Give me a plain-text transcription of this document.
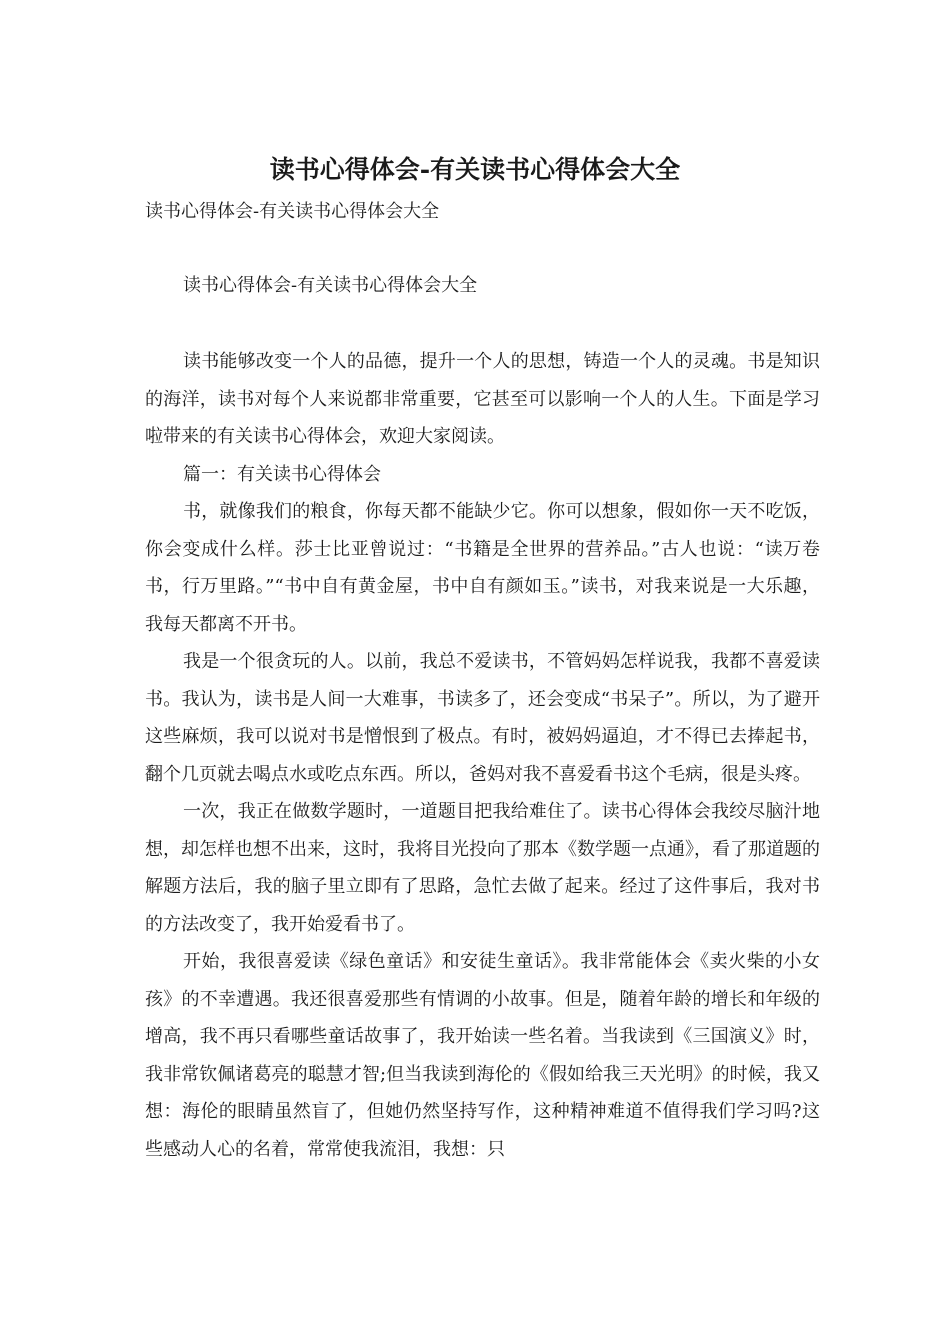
读书心得体会-有关读书心得体会大全
读书心得体会-有关读书心得体会大全
读书心得体会-有关读书心得体会大全

读书能够改变一个人的品德，提升一个人的思想，铸造一个人的灵魂。书是知识的海洋，读书对每个人来说都非常重要，它甚至可以影响一个人的人生。下面是学习啦带来的有关读书心得体会，欢迎大家阅读。

篇一：有关读书心得体会

书，就像我们的粮食，你每天都不能缺少它。你可以想象，假如你一天不吃饭，你会变成什么样。莎士比亚曾说过：“书籍是全世界的营养品。”古人也说：“读万卷书，行万里路。”“书中自有黄金屋，书中自有颜如玉。”读书，对我来说是一大乐趣，我每天都离不开书。

我是一个很贪玩的人。以前，我总不爱读书，不管妈妈怎样说我，我都不喜爱读书。我认为，读书是人间一大难事，书读多了，还会变成“书呆子”。所以，为了避开这些麻烦，我可以说对书是憎恨到了极点。有时，被妈妈逼迫，才不得已去捧起书，翻个几页就去喝点水或吃点东西。所以，爸妈对我不喜爱看书这个毛病，很是头疼。

一次，我正在做数学题时，一道题目把我给难住了。读书心得体会我绞尽脑汁地想，却怎样也想不出来，这时，我将目光投向了那本《数学题一点通》，看了那道题的解题方法后，我的脑子里立即有了思路，急忙去做了起来。经过了这件事后，我对书的方法改变了，我开始爱看书了。

开始，我很喜爱读《绿色童话》和安徒生童话》。我非常能体会《卖火柴的小女孩》的不幸遭遇。我还很喜爱那些有情调的小故事。但是，随着年龄的增长和年级的增高，我不再只看哪些童话故事了，我开始读一些名着。当我读到《三国演义》时，我非常钦佩诸葛亮的聪慧才智;但当我读到海伦的《假如给我三天光明》的时候，我又想：海伦的眼睛虽然盲了，但她仍然坚持写作，这种精神难道不值得我们学习吗?这些感动人心的名着，常常使我流泪，我想：只
